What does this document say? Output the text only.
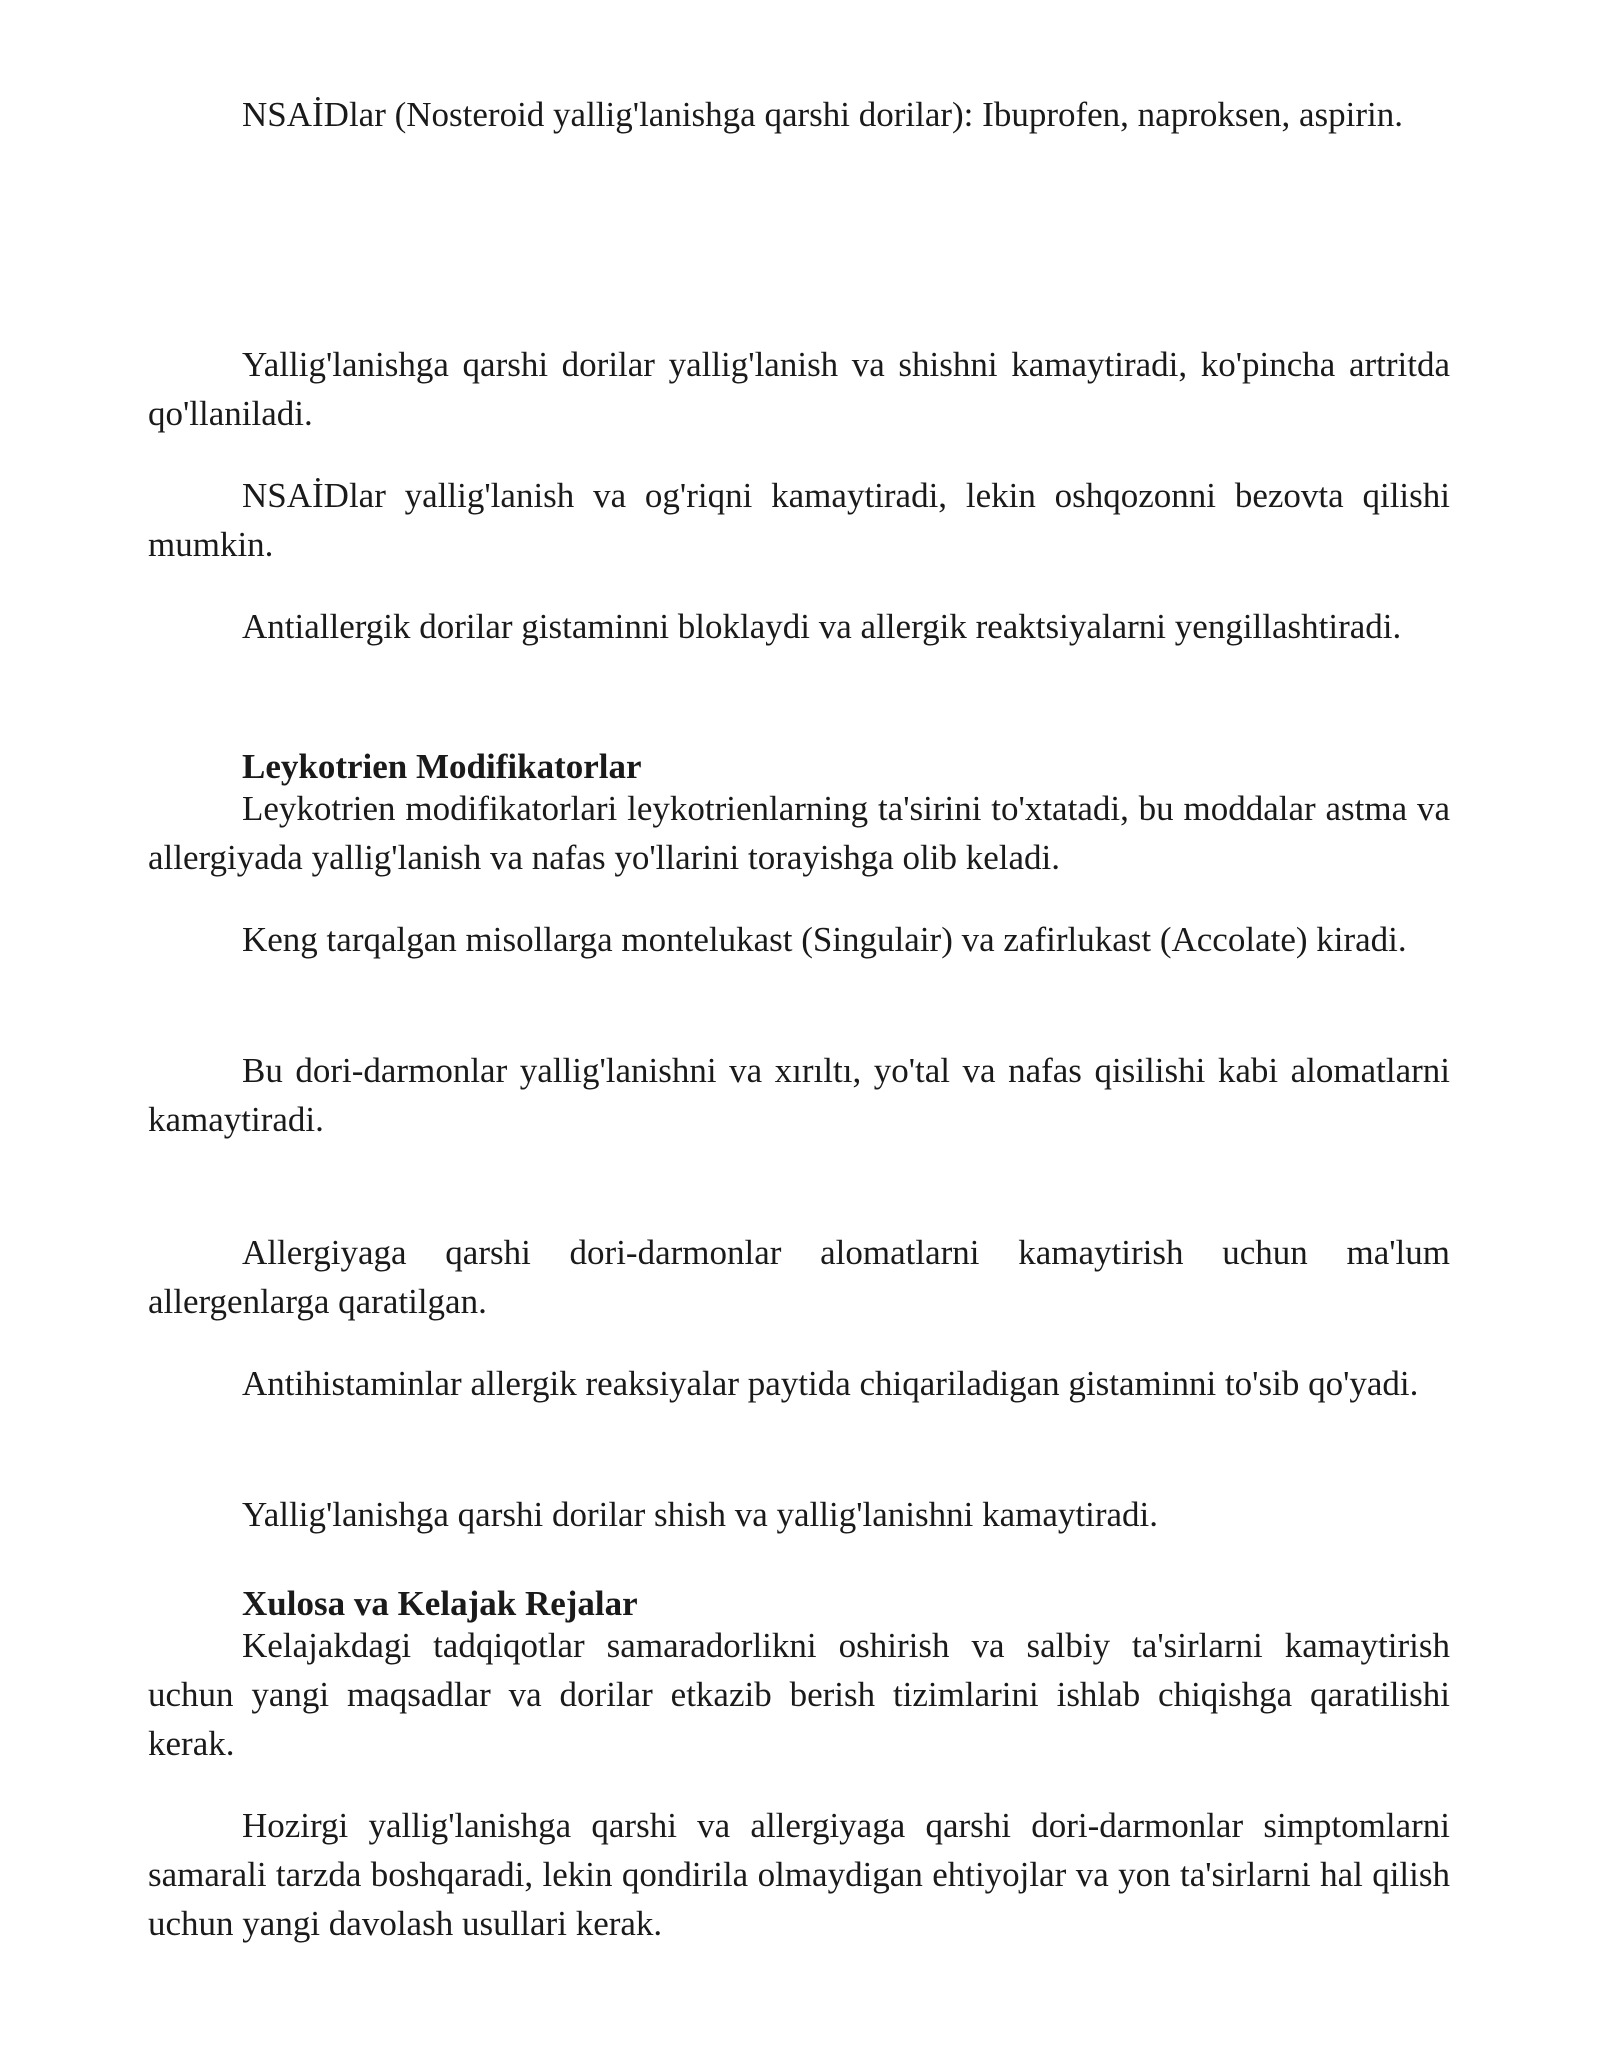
NSAİDlar (Nosteroid yallig'lanishga qarshi dorilar): Ibuprofen, naproksen, aspirin.

Yallig'lanishga qarshi dorilar yallig'lanish va shishni kamaytiradi, ko'pincha artritda qo'llaniladi.

NSAİDlar yallig'lanish va og'riqni kamaytiradi, lekin oshqozonni bezovta qilishi mumkin.

Antiallergik dorilar gistaminni bloklaydi va allergik reaktsiyalarni yengillashtiradi.

Leykotrien Modifikatorlar

Leykotrien modifikatorlari leykotrienlarning ta'sirini to'xtatadi, bu moddalar astma va allergiyada yallig'lanish va nafas yo'llarini torayishga olib keladi.

Keng tarqalgan misollarga montelukast (Singulair) va zafirlukast (Accolate) kiradi.

Bu dori-darmonlar yallig'lanishni va xırıltı, yo'tal va nafas qisilishi kabi alomatlarni kamaytiradi.

Allergiyaga qarshi dori-darmonlar alomatlarni kamaytirish uchun ma'lum allergenlarga qaratilgan.

Antihistaminlar allergik reaksiyalar paytida chiqariladigan gistaminni to'sib qo'yadi.

Yallig'lanishga qarshi dorilar shish va yallig'lanishni kamaytiradi.

Xulosa va Kelajak Rejalar

Kelajakdagi tadqiqotlar samaradorlikni oshirish va salbiy ta'sirlarni kamaytirish uchun yangi maqsadlar va dorilar etkazib berish tizimlarini ishlab chiqishga qaratilishi kerak.

Hozirgi yallig'lanishga qarshi va allergiyaga qarshi dori-darmonlar simptomlarni samarali tarzda boshqaradi, lekin qondirila olmaydigan ehtiyojlar va yon ta'sirlarni hal qilish uchun yangi davolash usullari kerak.
